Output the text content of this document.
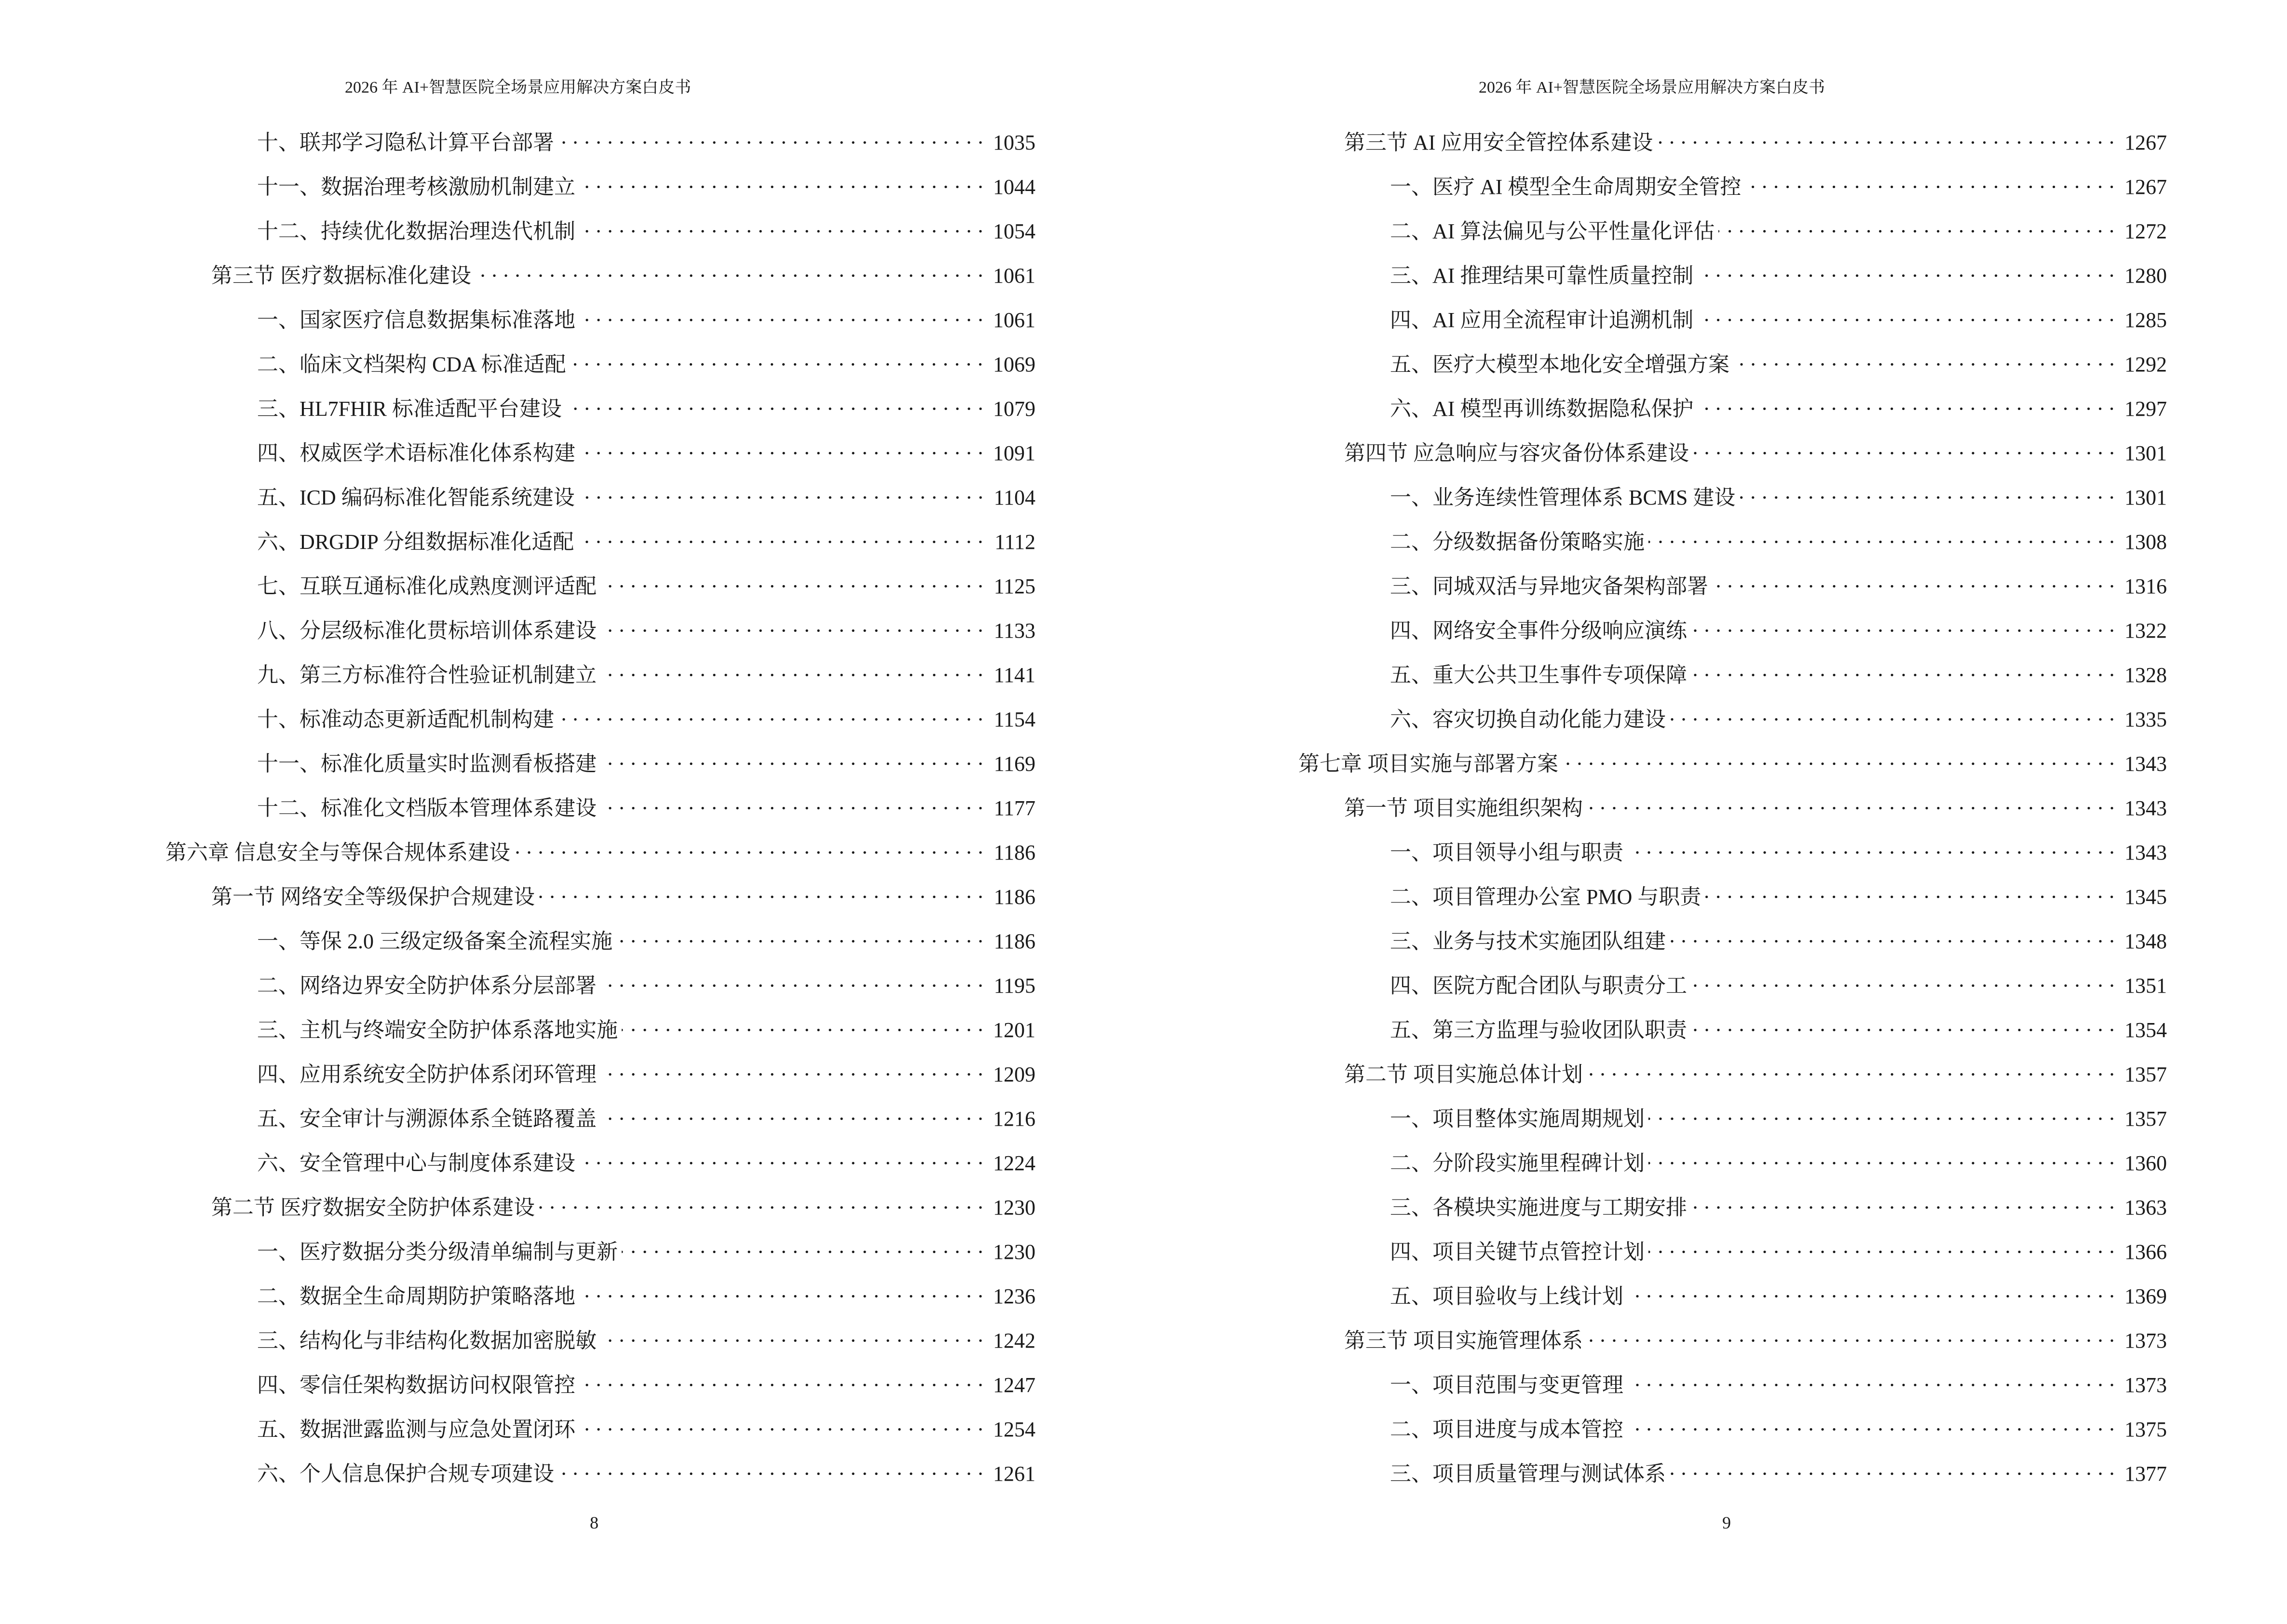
2026 年 AI+智慧医院全场景应用解决方案白皮书
十、联邦学习隐私计算平台部署	1035
十一、数据治理考核激励机制建立	1044
十二、持续优化数据治理迭代机制	1054
第三节 医疗数据标准化建设	1061
一、国家医疗信息数据集标准落地	1061
二、临床文档架构 CDA 标准适配	1069
三、HL7FHIR 标准适配平台建设	1079
四、权威医学术语标准化体系构建	1091
五、ICD 编码标准化智能系统建设	1104
六、DRGDIP 分组数据标准化适配	1112
七、互联互通标准化成熟度测评适配	1125
八、分层级标准化贯标培训体系建设	1133
九、第三方标准符合性验证机制建立	1141
十、标准动态更新适配机制构建	1154
十一、标准化质量实时监测看板搭建	1169
十二、标准化文档版本管理体系建设	1177
第六章 信息安全与等保合规体系建设	1186
第一节 网络安全等级保护合规建设	1186
一、等保 2.0 三级定级备案全流程实施	1186
二、网络边界安全防护体系分层部署	1195
三、主机与终端安全防护体系落地实施	1201
四、应用系统安全防护体系闭环管理	1209
五、安全审计与溯源体系全链路覆盖	1216
六、安全管理中心与制度体系建设	1224
第二节 医疗数据安全防护体系建设	1230
一、医疗数据分类分级清单编制与更新	1230
二、数据全生命周期防护策略落地	1236
三、结构化与非结构化数据加密脱敏	1242
四、零信任架构数据访问权限管控	1247
五、数据泄露监测与应急处置闭环	1254
六、个人信息保护合规专项建设	1261
8
2026 年 AI+智慧医院全场景应用解决方案白皮书
第三节 AI 应用安全管控体系建设	1267
一、医疗 AI 模型全生命周期安全管控	1267
二、AI 算法偏见与公平性量化评估	1272
三、AI 推理结果可靠性质量控制	1280
四、AI 应用全流程审计追溯机制	1285
五、医疗大模型本地化安全增强方案	1292
六、AI 模型再训练数据隐私保护	1297
第四节 应急响应与容灾备份体系建设	1301
一、业务连续性管理体系 BCMS 建设	1301
二、分级数据备份策略实施	1308
三、同城双活与异地灾备架构部署	1316
四、网络安全事件分级响应演练	1322
五、重大公共卫生事件专项保障	1328
六、容灾切换自动化能力建设	1335
第七章 项目实施与部署方案	1343
第一节 项目实施组织架构	1343
一、项目领导小组与职责	1343
二、项目管理办公室 PMO 与职责	1345
三、业务与技术实施团队组建	1348
四、医院方配合团队与职责分工	1351
五、第三方监理与验收团队职责	1354
第二节 项目实施总体计划	1357
一、项目整体实施周期规划	1357
二、分阶段实施里程碑计划	1360
三、各模块实施进度与工期安排	1363
四、项目关键节点管控计划	1366
五、项目验收与上线计划	1369
第三节 项目实施管理体系	1373
一、项目范围与变更管理	1373
二、项目进度与成本管控	1375
三、项目质量管理与测试体系	1377
9
